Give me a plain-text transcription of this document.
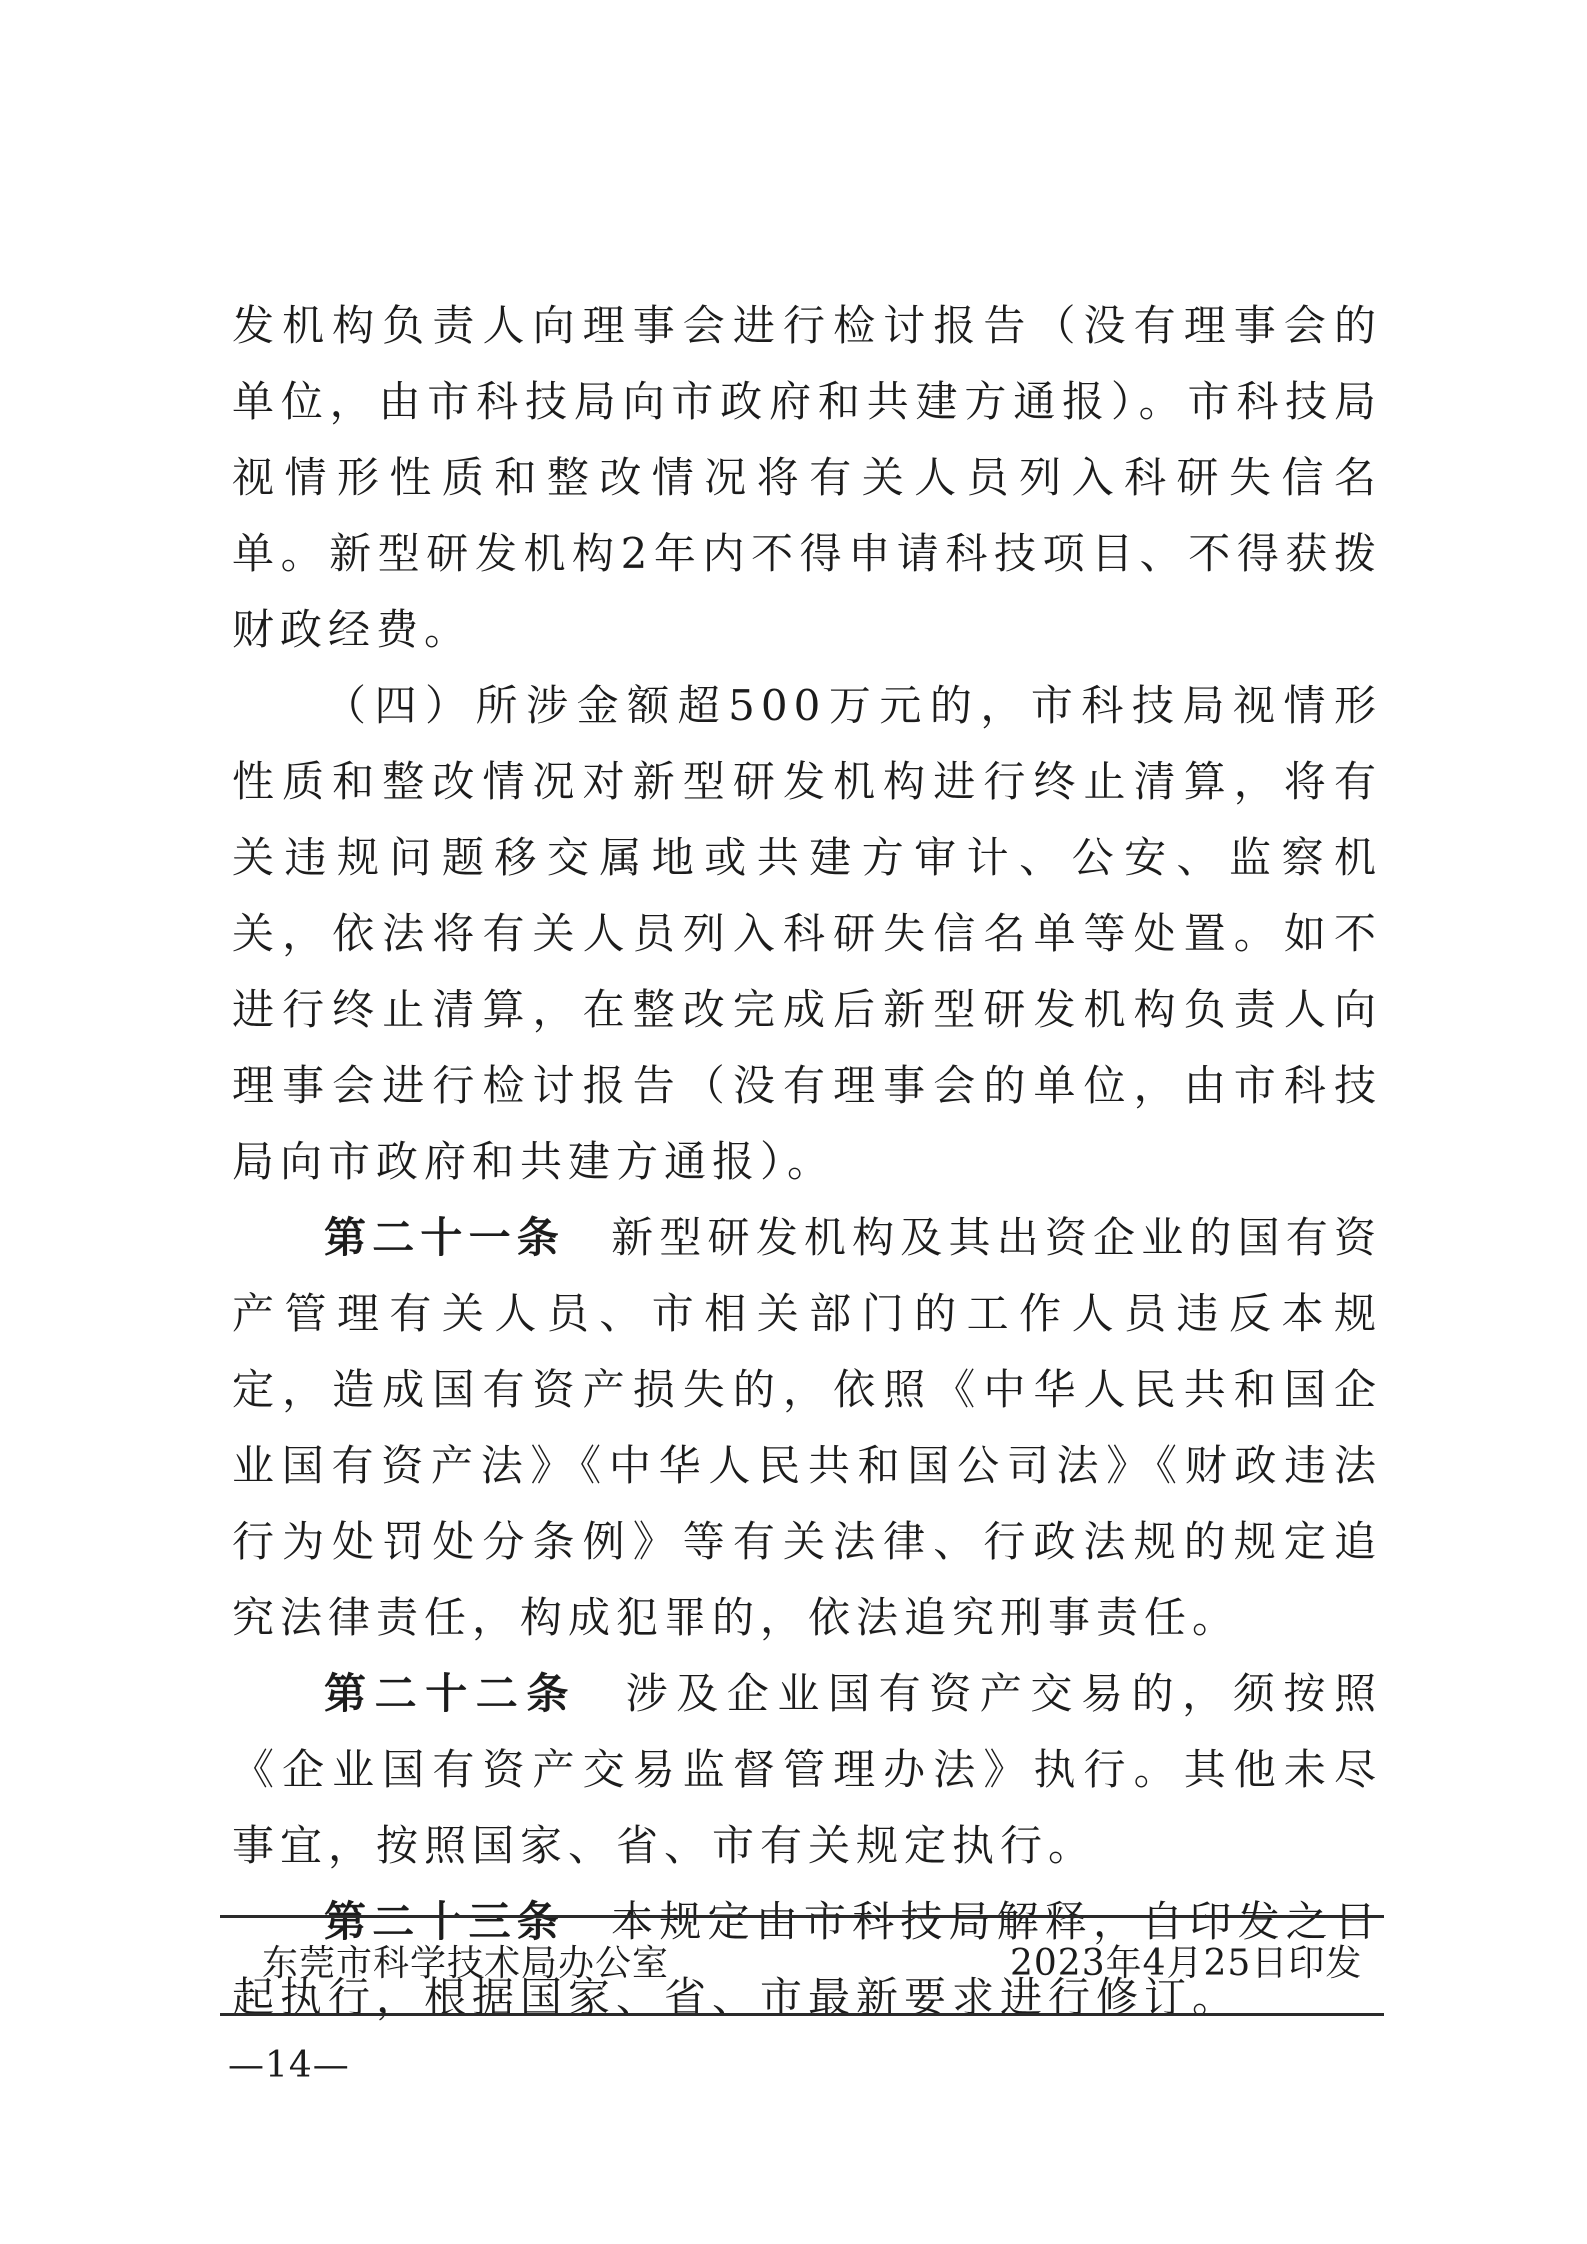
发机构负责人向理事会进行检讨报告（没有理事会的单位，由市科技局向市政府和共建方通报）。市科技局视情形性质和整改情况将有关人员列入科研失信名单。新型研发机构2年内不得申请科技项目、不得获拨财政经费。

（四）所涉金额超500万元的，市科技局视情形性质和整改情况对新型研发机构进行终止清算，将有关违规问题移交属地或共建方审计、公安、监察机关，依法将有关人员列入科研失信名单等处置。如不进行终止清算，在整改完成后新型研发机构负责人向理事会进行检讨报告（没有理事会的单位，由市科技局向市政府和共建方通报）。

第二十一条 新型研发机构及其出资企业的国有资产管理有关人员、市相关部门的工作人员违反本规定，造成国有资产损失的，依照《中华人民共和国企业国有资产法》《中华人民共和国公司法》《财政违法行为处罚处分条例》等有关法律、行政法规的规定追究法律责任，构成犯罪的，依法追究刑事责任。

第二十二条 涉及企业国有资产交易的，须按照《企业国有资产交易监督管理办法》执行。其他未尽事宜，按照国家、省、市有关规定执行。

第二十三条 本规定由市科技局解释，自印发之日起执行，根据国家、省、市最新要求进行修订。

东莞市科学技术局办公室	2023年4月25日印发
—14—
